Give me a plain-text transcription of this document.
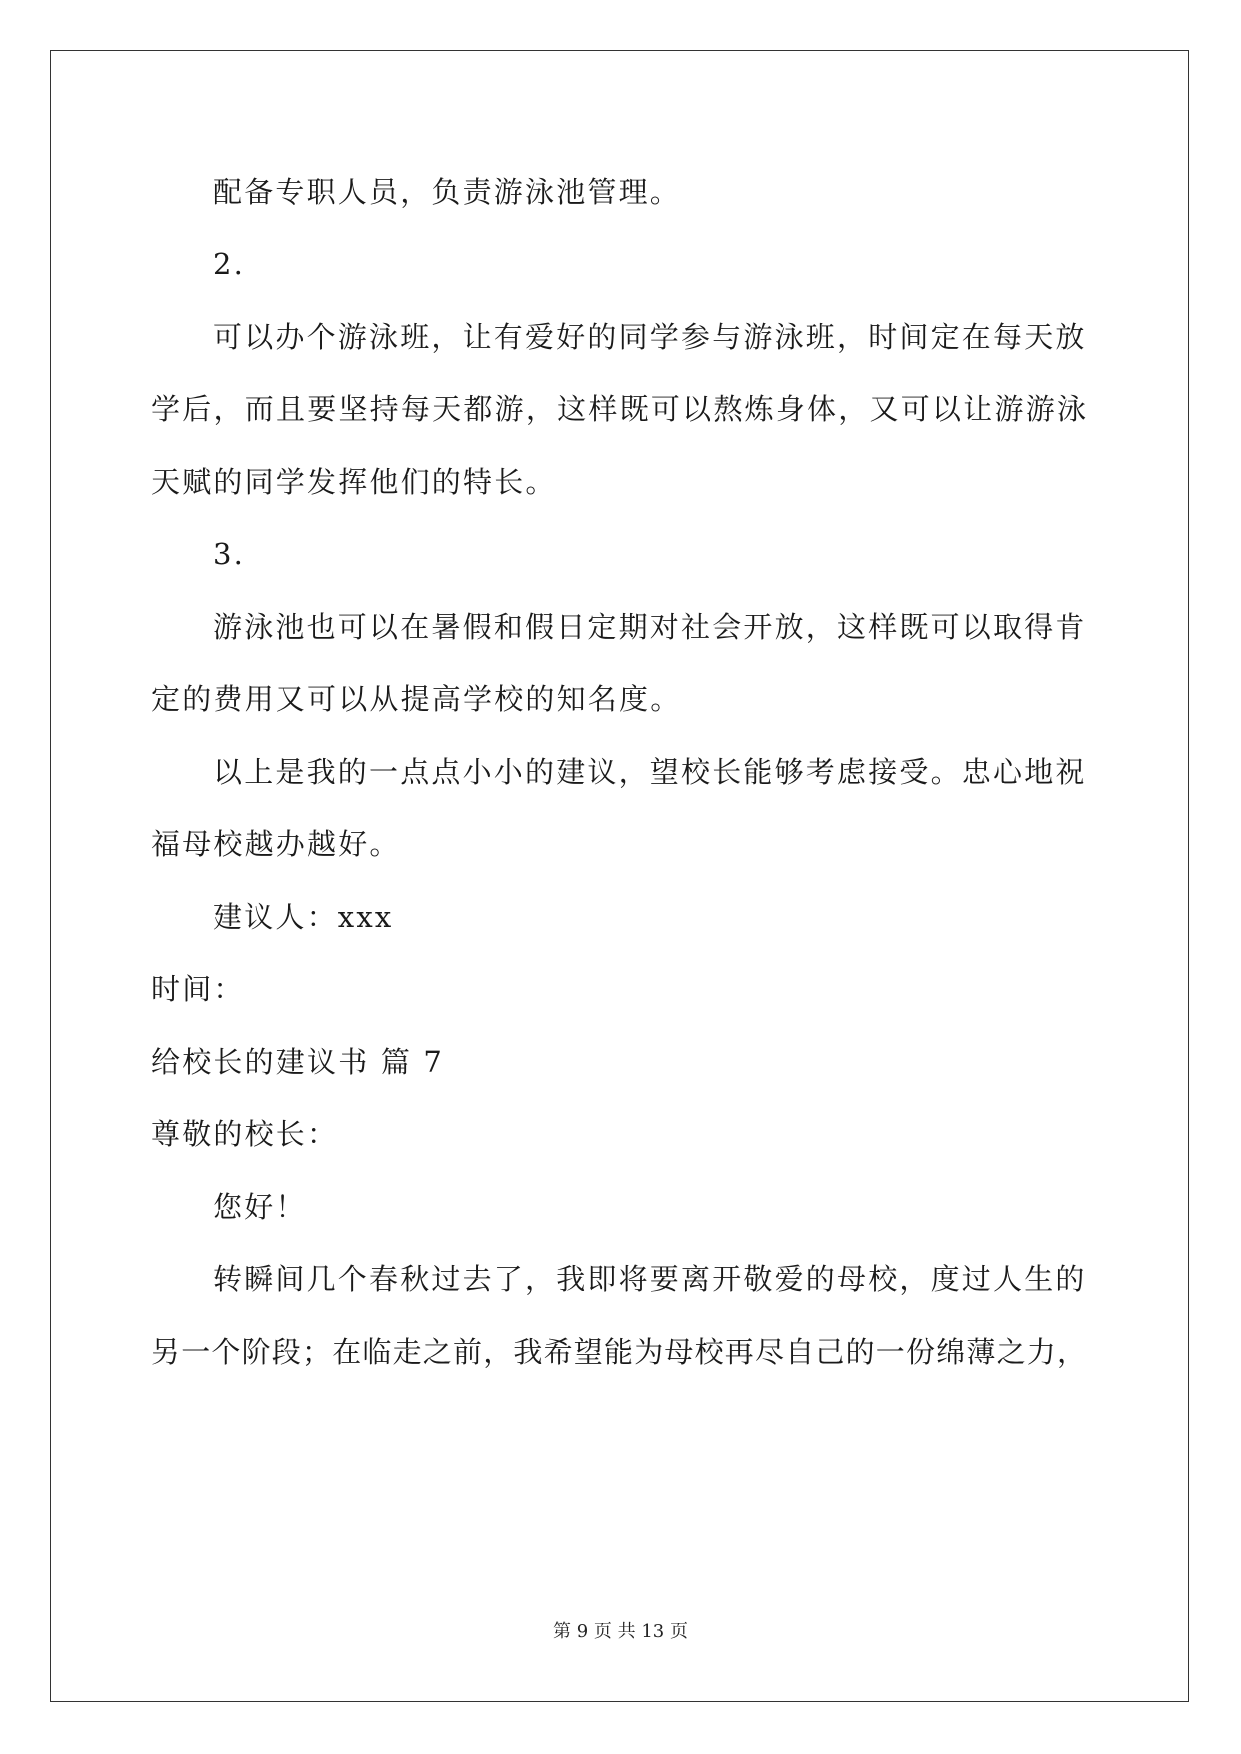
配备专职人员，负责游泳池管理。
2.
可以办个游泳班，让有爱好的同学参与游泳班，时间定在每天放
学后，而且要坚持每天都游，这样既可以熬炼身体，又可以让游游泳
天赋的同学发挥他们的特长。
3.
游泳池也可以在暑假和假日定期对社会开放，这样既可以取得肯
定的费用又可以从提高学校的知名度。
以上是我的一点点小小的建议，望校长能够考虑接受。忠心地祝
福母校越办越好。
建议人：xxx
时间：
给校长的建议书 篇 7
尊敬的校长：
您好！
转瞬间几个春秋过去了，我即将要离开敬爱的母校，度过人生的
另一个阶段；在临走之前，我希望能为母校再尽自己的一份绵薄之力，
第 9 页 共 13 页
